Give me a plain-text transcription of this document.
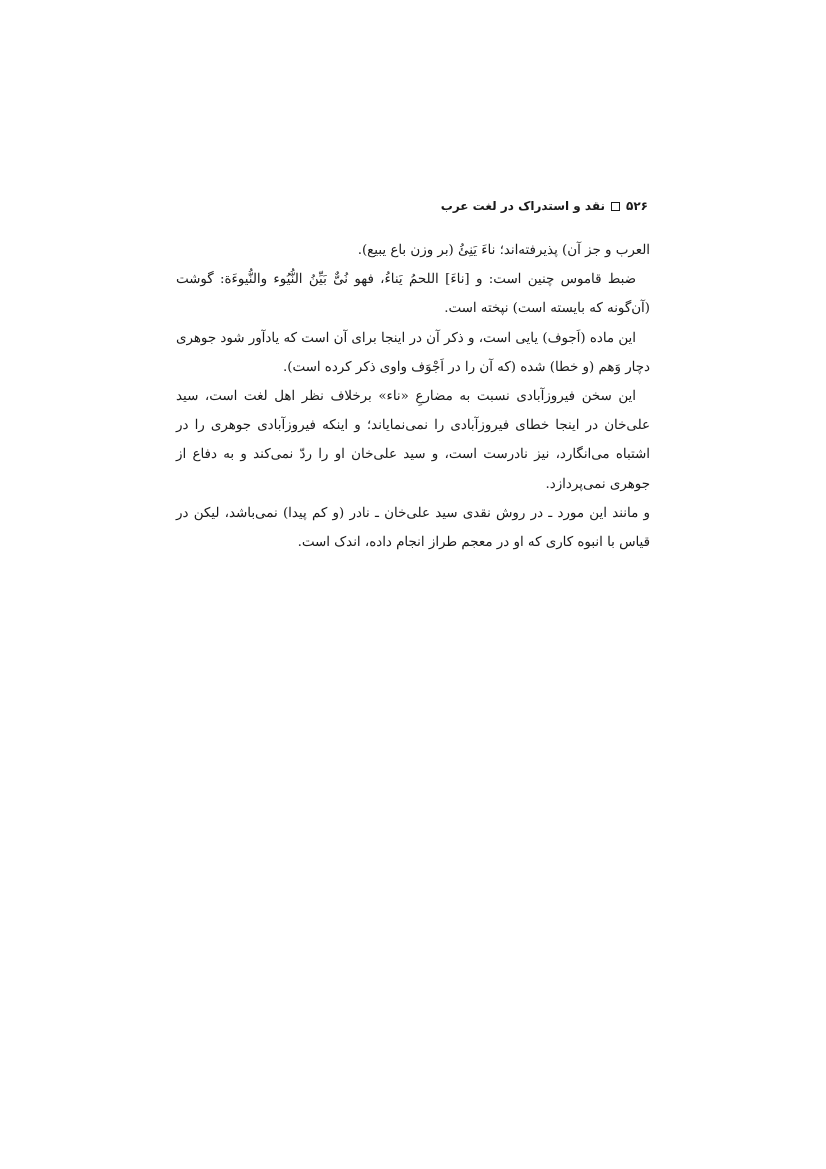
۵۲۶
نقد و استدراک در لغت عرب

العرب و جز آن) پذیرفته‌اند؛ ناءَ یَنِئُ (بر وزن باع یبیع).

ضبط قاموس چنین است: و [ناءَ] اللحمُ یَناءُ، فهو نُیٌّ بَیِّنُ النُّیُوء والنُّیوءَة: گوشت (آن‌گونه که بایسته است) نپخته است.

این ماده (اَجوف) یایی است، و ذکر آن در اینجا برای آن است که یادآور شود جوهری دچار وَهم (و خطا) شده (که آن را در اَجْوَف واوی ذکر کرده است).

این سخن فیروزآبادی نسبت به مضارعِ «ناء» برخلاف نظر اهل لغت است، سید علی‌خان در اینجا خطای فیروزآبادی را نمی‌نمایاند؛ و اینکه فیروزآبادی جوهری را در اشتباه می‌انگارد، نیز نادرست است، و سید علی‌خان او را ردّ نمی‌کند و به دفاع از جوهری نمی‌پردازد.

و مانند این مورد ـ در روش نقدی سید علی‌خان ـ نادر (و کم پیدا) نمی‌باشد، لیکن در قیاس با انبوه کاری که او در معجم طراز انجام داده، اندک است.
